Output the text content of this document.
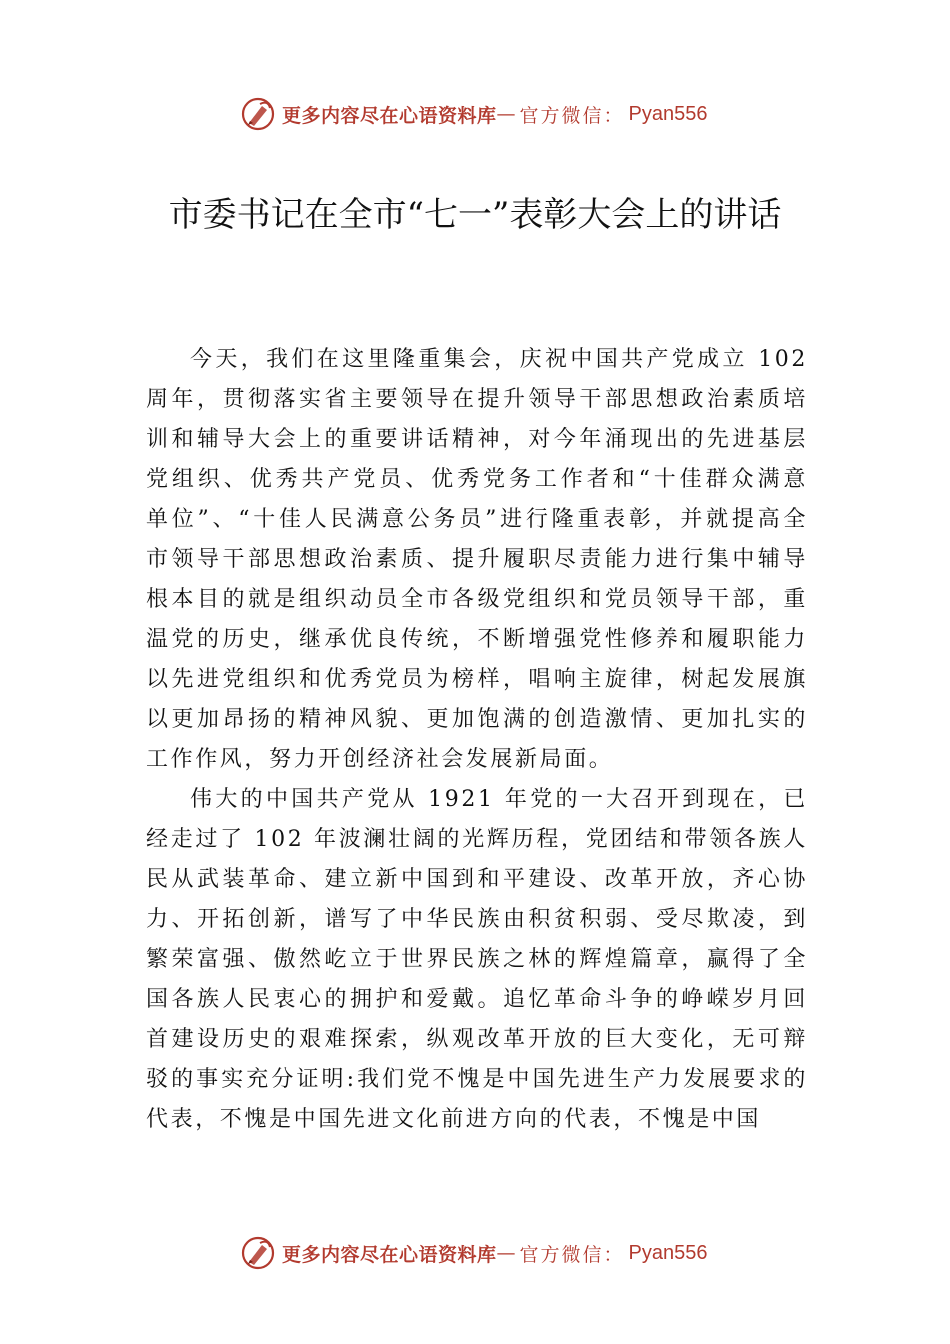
更多内容尽在心语资料库 — 官方微信： Pyan556
市委书记在全市“七一”表彰大会上的讲话

今天，我们在这里隆重集会，庆祝中国共产党成立 102 周年，贯彻落实省主要领导在提升领导干部思想政治素质培训和辅导大会上的重要讲话精神，对今年涌现出的先进基层党组织、优秀共产党员、优秀党务工作者和“十佳群众满意 单位”、“十佳人民满意公务员”进行隆重表彰，并就提高全 市领导干部思想政治素质、提升履职尽责能力进行集中辅导根本目的就是组织动员全市各级党组织和党员领导干部，重温党的历史，继承优良传统，不断增强党性修养和履职能力以先进党组织和优秀党员为榜样，唱响主旋律，树起发展旗以更加昂扬的精神风貌、更加饱满的创造激情、更加扎实的工作作风，努力开创经济社会发展新局面。

伟大的中国共产党从 1921 年党的一大召开到现在，已经走过了 102 年波澜壮阔的光辉历程，党团结和带领各族人民从武装革命、建立新中国到和平建设、改革开放，齐心协力、开拓创新，谱写了中华民族由积贫积弱、受尽欺凌，到繁荣富强、傲然屹立于世界民族之林的辉煌篇章，赢得了全国各族人民衷心的拥护和爱戴。追忆革命斗争的峥嵘岁月回首建设历史的艰难探索，纵观改革开放的巨大变化，无可辩驳的事实充分证明:我们党不愧是中国先进生产力发展要求的代表，不愧是中国先进文化前进方向的代表，不愧是中国

更多内容尽在心语资料库 — 官方微信： Pyan556
